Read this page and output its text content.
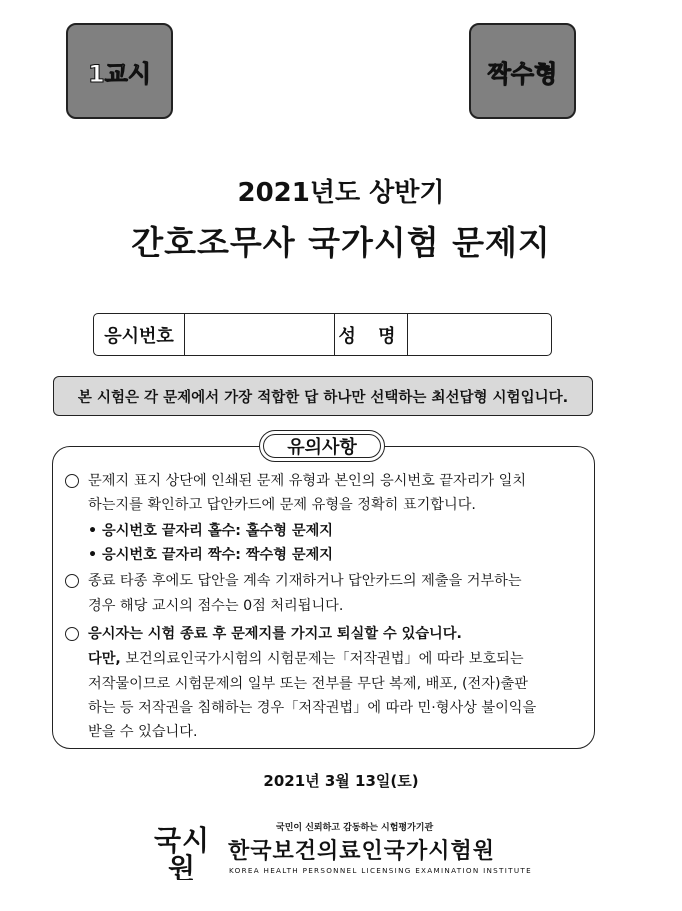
1교시	짝수형
2021년도 상반기
간호조무사 국가시험 문제지
응시번호	성 명
본 시험은 각 문제에서 가장 적합한 답 하나만 선택하는 최선답형 시험입니다.
유의사항
문제지 표지 상단에 인쇄된 문제 유형과 본인의 응시번호 끝자리가 일치
하는지를 확인하고 답안카드에 문제 유형을 정확히 표기합니다.
• 응시번호 끝자리 홀수: 홀수형 문제지
• 응시번호 끝자리 짝수: 짝수형 문제지
종료 타종 후에도 답안을 계속 기재하거나 답안카드의 제출을 거부하는
경우 해당 교시의 점수는 0점 처리됩니다.
응시자는 시험 종료 후 문제지를 가지고 퇴실할 수 있습니다.
다만, 보건의료인국가시험의 시험문제는「저작권법」에 따라 보호되는
저작물이므로 시험문제의 일부 또는 전부를 무단 복제, 배포, (전자)출판
하는 등 저작권을 침해하는 경우「저작권법」에 따라 민·형사상 불이익을
받을 수 있습니다.
2021년 3월 13일(토)
국 시
원
국민이 신뢰하고 감동하는 시험평가기관
한국보건의료인국가시험원
KOREA HEALTH PERSONNEL LICENSING EXAMINATION INSTITUTE
